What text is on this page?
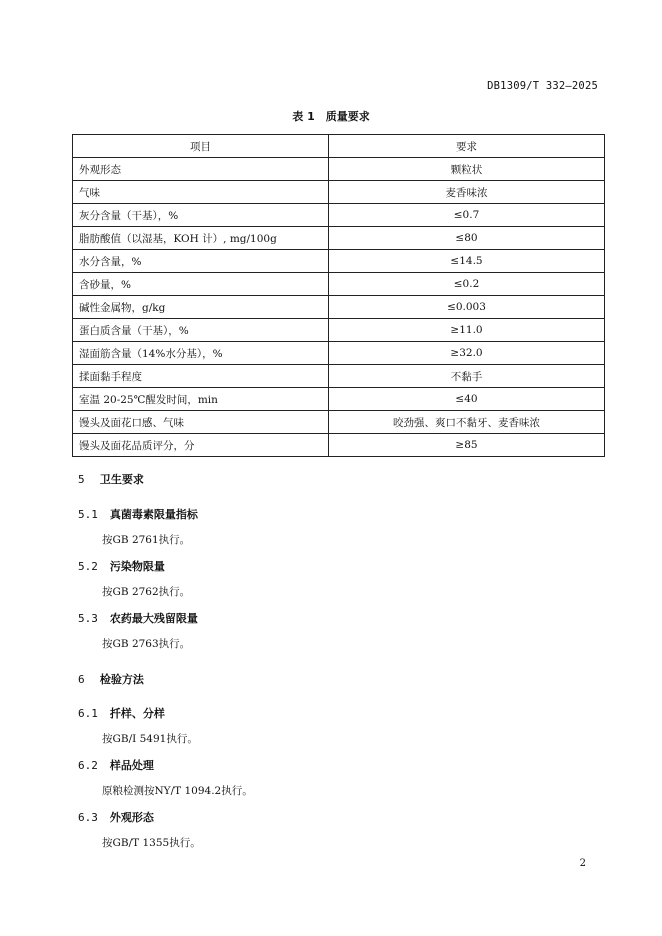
DB1309/T 332—2025
表 1　质量要求
项目	要求
外观形态	颗粒状
气味	麦香味浓
灰分含量（干基），%	≤0.7
脂肪酸值（以湿基，KOH 计）, mg/100g	≤80
水分含量，%	≤14.5
含砂量，%	≤0.2
碱性金属物，g/kg	≤0.003
蛋白质含量（干基），%	≥11.0
湿面筋含量（14%水分基），%	≥32.0
揉面黏手程度	不黏手
室温 20-25℃醒发时间，min	≤40
馒头及面花口感、气味	咬劲强、爽口不黏牙、麦香味浓
馒头及面花品质评分，分	≥85
5 卫生要求
5.1 真菌毒素限量指标
按GB 2761执行。
5.2 污染物限量
按GB 2762执行。
5.3 农药最大残留限量
按GB 2763执行。
6 检验方法
6.1 扦样、分样
按GB/I 5491执行。
6.2 样品处理
原粮检测按NY/T 1094.2执行。
6.3 外观形态
按GB/T 1355执行。
2
